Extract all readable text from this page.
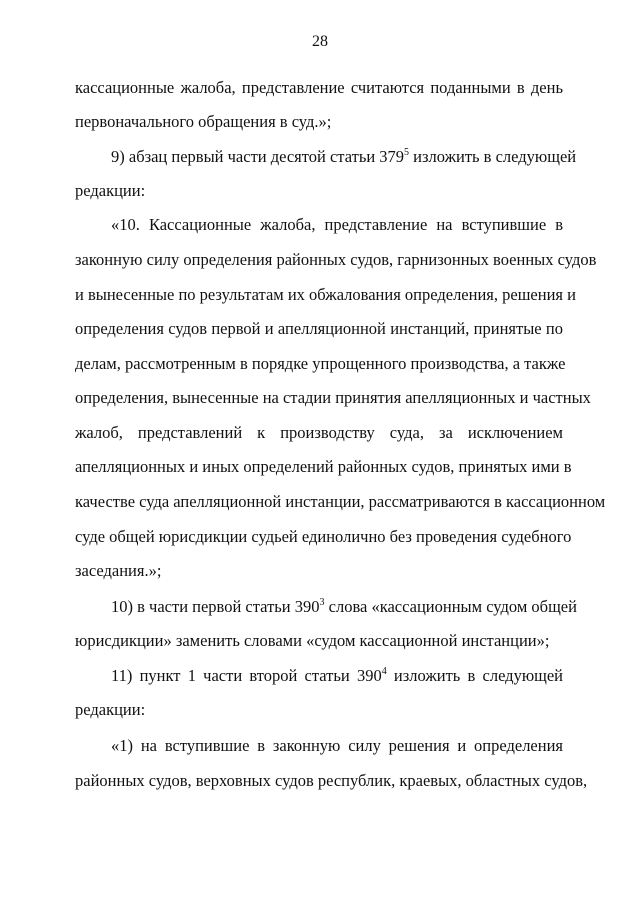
28
кассационные жалоба, представление считаются поданными в день
первоначального обращения в суд.»;
9) абзац первый части десятой статьи $379^5$ изложить в следующей
редакции:
«10. Кассационные жалоба, представление на вступившие в
законную силу определения районных судов, гарнизонных военных судов
и вынесенные по результатам их обжалования определения, решения и
определения судов первой и апелляционной инстанций, принятые по
делам, рассмотренным в порядке упрощенного производства, а также
определения, вынесенные на стадии принятия апелляционных и частных
жалоб, представлений к производству суда, за исключением
апелляционных и иных определений районных судов, принятых ими в
качестве суда апелляционной инстанции, рассматриваются в кассационном
суде общей юрисдикции судьей единолично без проведения судебного
заседания.»;
10) в части первой статьи $390^3$ слова «кассационным судом общей
юрисдикции» заменить словами «судом кассационной инстанции»;
11) пункт 1 части второй статьи $390^4$ изложить в следующей
редакции:
«1) на вступившие в законную силу решения и определения
районных судов, верховных судов республик, краевых, областных судов,
